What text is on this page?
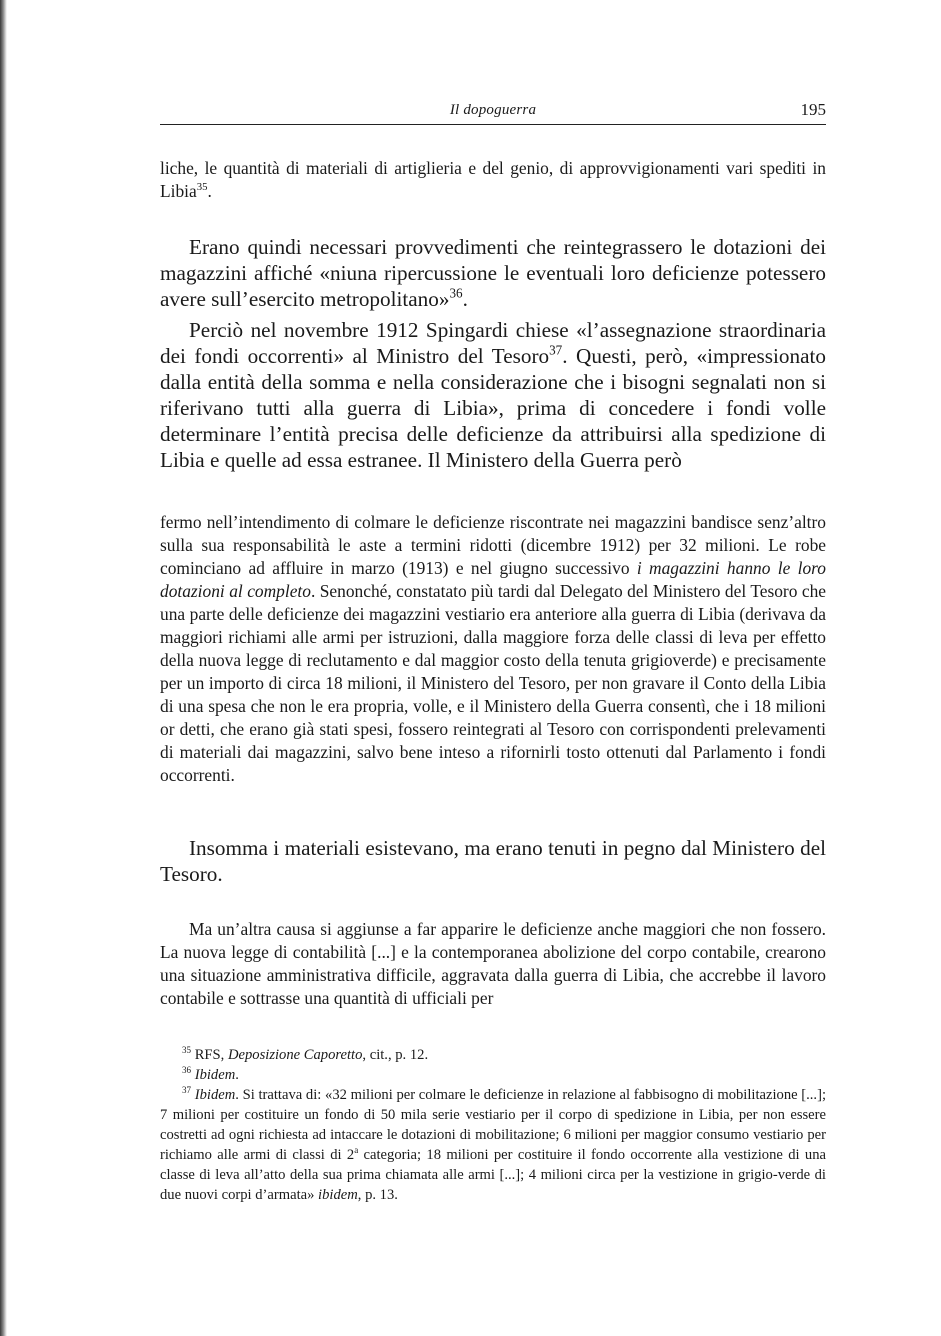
Il dopoguerra	195

liche, le quantità di materiali di artiglieria e del genio, di approvvigionamenti vari spediti in Libia$^{35}$.

Erano quindi necessari provvedimenti che reintegrassero le dotazioni dei magazzini affiché «niuna ripercussione le eventuali loro deficienze potessero avere sull’esercito metropolitano»$^{36}$.

Perciò nel novembre 1912 Spingardi chiese «l’assegnazione straordinaria dei fondi occorrenti» al Ministro del Tesoro$^{37}$. Questi, però, «impressionato dalla entità della somma e nella considerazione che i bisogni segnalati non si riferivano tutti alla guerra di Libia», prima di concedere i fondi volle determinare l’entità precisa delle deficienze da attribuirsi alla spedizione di Libia e quelle ad essa estranee. Il Ministero della Guerra però

fermo nell’intendimento di colmare le deficienze riscontrate nei magazzini bandisce senz’altro sulla sua responsabilità le aste a termini ridotti (dicembre 1912) per 32 milioni. Le robe cominciano ad affluire in marzo (1913) e nel giugno successivo i magazzini hanno le loro dotazioni al completo. Senonché, constatato più tardi dal Delegato del Ministero del Tesoro che una parte delle deficienze dei magazzini vestiario era anteriore alla guerra di Libia (derivava da maggiori richiami alle armi per istruzioni, dalla maggiore forza delle classi di leva per effetto della nuova legge di reclutamento e dal maggior costo della tenuta grigioverde) e precisamente per un importo di circa 18 milioni, il Ministero del Tesoro, per non gravare il Conto della Libia di una spesa che non le era propria, volle, e il Ministero della Guerra consentì, che i 18 milioni or detti, che erano già stati spesi, fossero reintegrati al Tesoro con corrispondenti prelevamenti di materiali dai magazzini, salvo bene inteso a rifornirli tosto ottenuti dal Parlamento i fondi occorrenti.

Insomma i materiali esistevano, ma erano tenuti in pegno dal Ministero del Tesoro.

Ma un’altra causa si aggiunse a far apparire le deficienze anche maggiori che non fossero. La nuova legge di contabilità [...] e la contemporanea abolizione del corpo contabile, crearono una situazione amministrativa difficile, aggravata dalla guerra di Libia, che accrebbe il lavoro contabile e sottrasse una quantità di ufficiali per

$^{35}$ RFS, Deposizione Caporetto, cit., p. 12.

$^{36}$ Ibidem.

$^{37}$ Ibidem. Si trattava di: «32 milioni per colmare le deficienze in relazione al fabbisogno di mobilitazione [...]; 7 milioni per costituire un fondo di 50 mila serie vestiario per il corpo di spedizione in Libia, per non essere costretti ad ogni richiesta ad intaccare le dotazioni di mobilitazione; 6 milioni per maggior consumo vestiario per richiamo alle armi di classi di 2$^a$ categoria; 18 milioni per costituire il fondo occorrente alla vestizione di una classe di leva all’atto della sua prima chiamata alle armi [...]; 4 milioni circa per la vestizione in grigio-verde di due nuovi corpi d’armata» ibidem, p. 13.
